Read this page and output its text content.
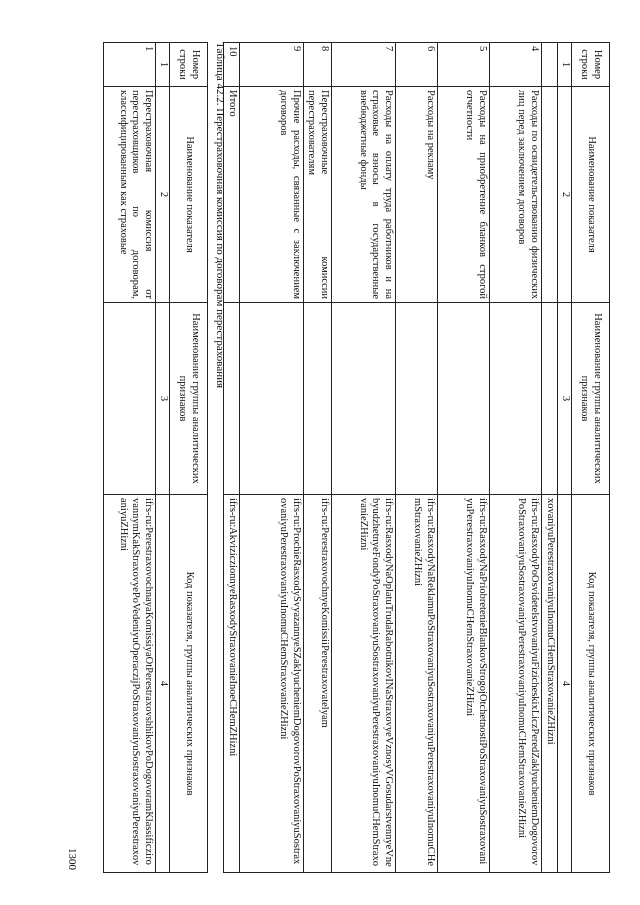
Номер строки	Наименование показателя	Наименование группы аналитических признаков	Код показателя, группы аналитических признаков
1	2	3	4
			xovaniyuPerestraxovaniyuInomuCHemStraxovanieZHizni
4	Расходы по освидетельствованию физических лиц перед заключением договоров		ifrs-ru:RasxodyPoOsvidetelstvovaniyuFizicheskixLiczPeredZaklyucheniemDogovorovPoStraxovaniyuSostraxovaniyuPerestraxovaniyuInomuCHemStraxovanieZHizni
5	Расходы на приобретение бланков строгой отчетности		ifrs-ru:RasxodyNaPriobretenieBlankovStrogojOtchetnostiPoStraxovaniyuSostraxovaniyuPerestraxovaniyuInomuCHemStraxovanieZHizni
6	Расходы на рекламу		ifrs-ru:RasxodyNaReklamuPoStraxovaniyuSostraxovaniyuPerestraxovaniyuInomuCHemStraxovanieZHizni
7	Расходы на оплату труда работников и на страховые взносы в государственные внебюджетные фонды		ifrs-ru:RasxodyNaOplatuTrudaRabotnikovINaStraxovyeVznosyVGosudarstvennyeVnebyudzhetnyeFondyPoStraxovaniyuSostraxovaniyuPerestraxovaniyuInomuCHemStraxovanieZHizni
8	Перестраховочные комиссии перестрахователям		ifrs-ru:PerestraxovochnyeKomissiiPerestraxovatelyam
9	Прочие расходы, связанные с заключением договоров		ifrs-ru:ProchieRasxodySvyazannyeSZaklyucheniemDogovorovPoStraxovaniyuSostraxovaniyuPerestraxovaniyuInomuCHemStraxovanieZHizni
10	Итого		ifrs-ru:AkviziczionnyeRasxodyStraxovanieInoeCHemZHizni
Таблица 42.2. Перестраховочная комиссия по договорам перестрахования
Номер строки	Наименование показателя	Наименование группы аналитических признаков	Код показателя, группы аналитических признаков
1	2	3	4
1	Перестраховочная комиссия от перестраховщиков по договорам, классифицированным как страховые		ifrs-ru:PerestraxovochnayaKomissiyaOtPerestraxovshhikovPoDogovoramKlassificzirovannymKakStraxovyePoVedeniyuOperaczijPoStraxovaniyuSostraxovaniyuPerestraxovaniyuZHizni
1300
